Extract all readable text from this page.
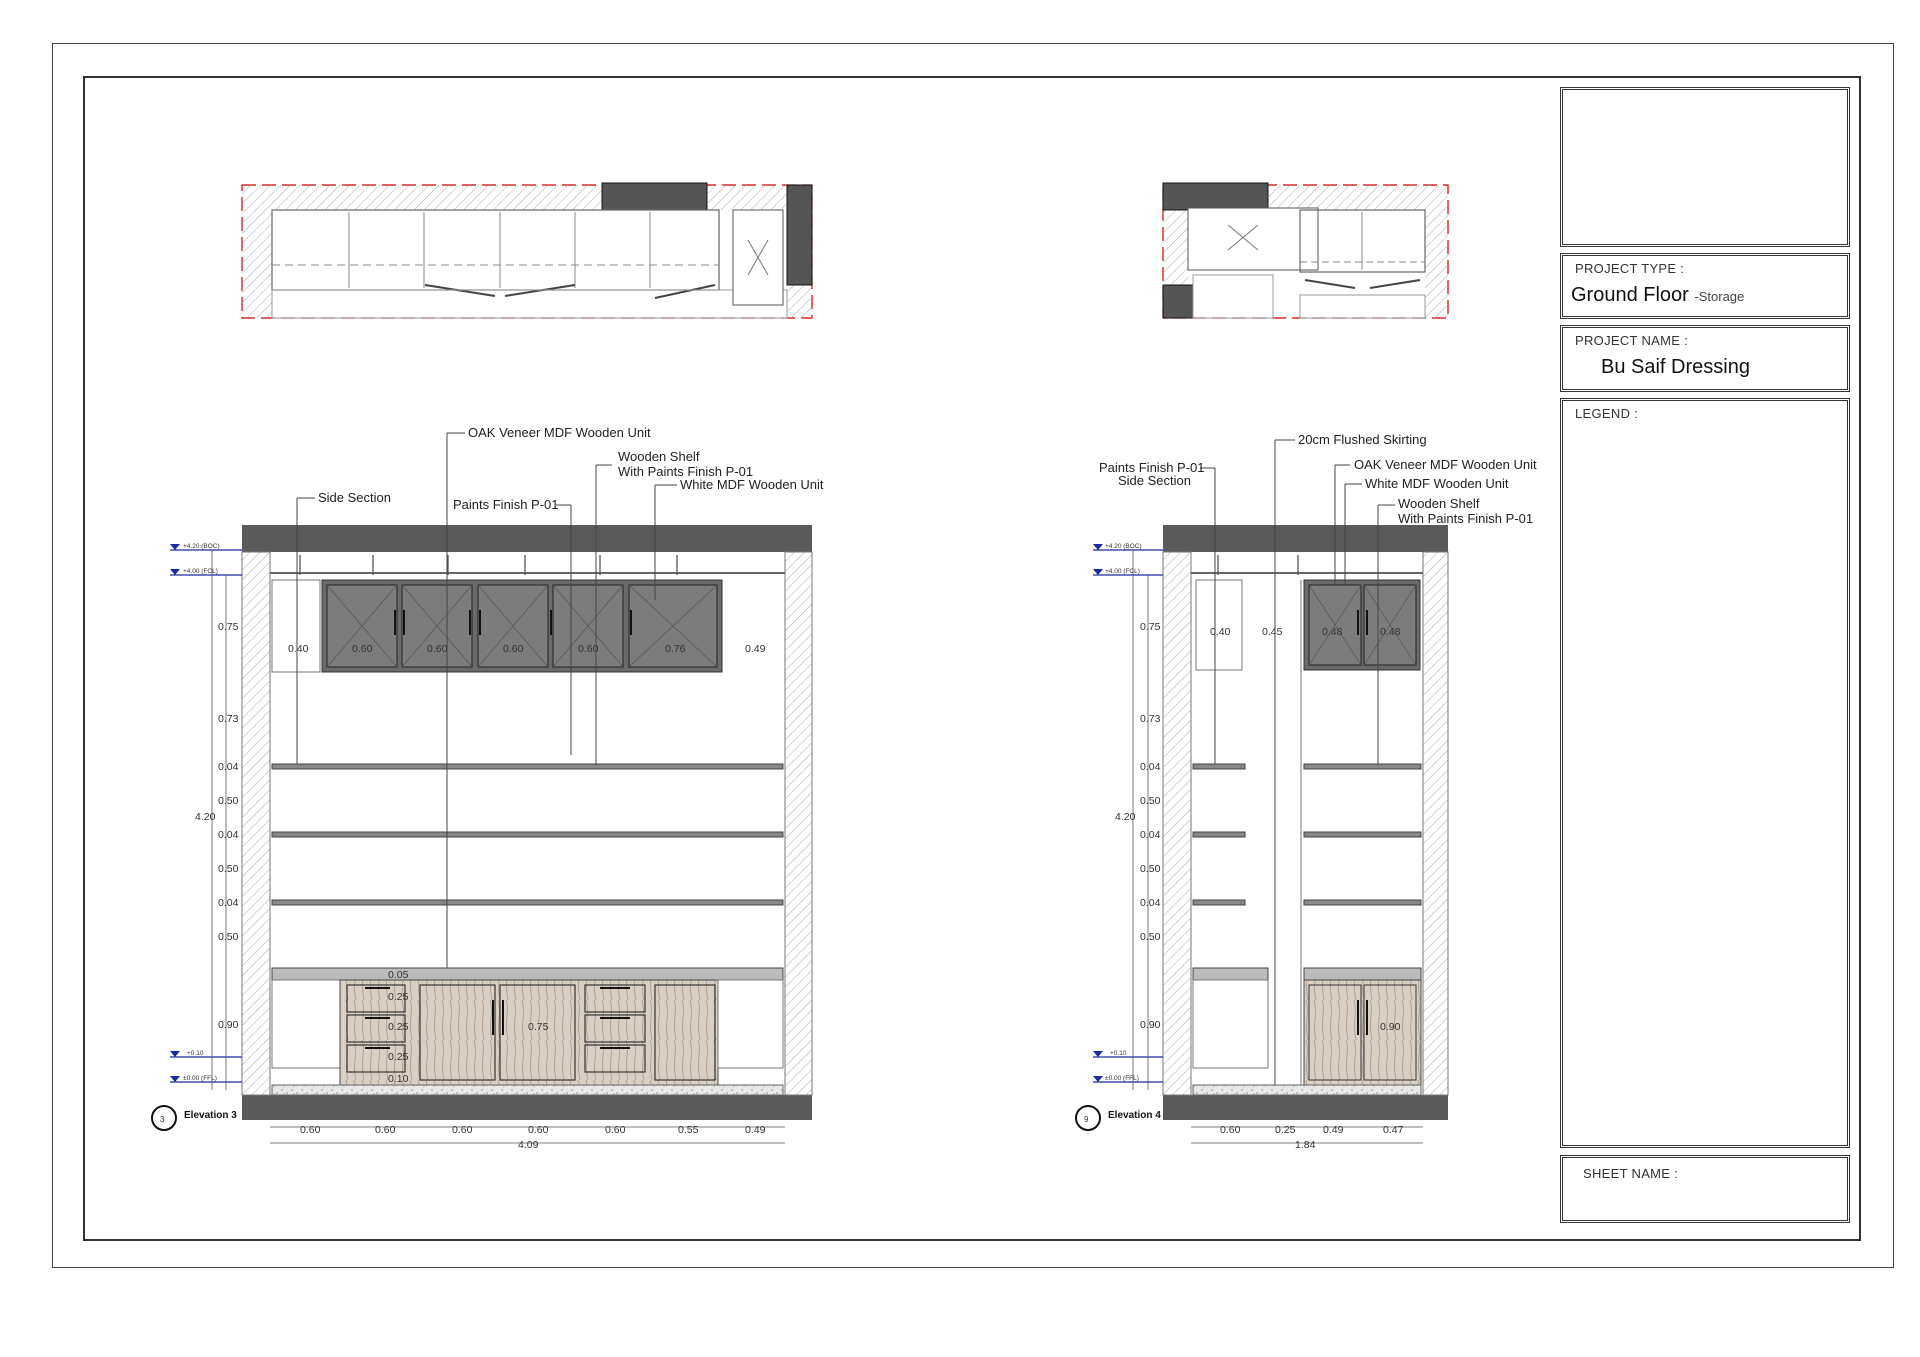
Side Section
OAK Veneer MDF Wooden Unit
Paints Finish P-01
Wooden Shelf
With Paints Finish P-01
White MDF Wooden Unit
+4.20 (BOC)
+4.00 (FCL)
+0.10
±0.00 (FFL)
0.75
0.73
0.04
0.50
0.04
0.50
0.04
0.50
0.90
4.20
0.40	0.60	0.60	0.60	0.60	0.76	0.49
0.05
0.25
0.25
0.25
0.10
0.75
0.60	0.60	0.60	0.60	0.60	0.55	0.49
4.09
3 Elevation 3
Paints Finish P-01
Side Section
20cm Flushed Skirting
OAK Veneer MDF Wooden Unit
White MDF Wooden Unit
Wooden Shelf
With Paints Finish P-01
+4.20 (BOC)
+4.00 (FCL)
+0.10
±0.00 (FFL)
0.75
0.73
0.04
0.50
0.04
0.50
0.04
0.50
0.90
4.20
0.40	0.45	0.48	0.48
0.90
0.60	0.25	0.49	0.47
1.84
9 Elevation 4
PROJECT TYPE :
Ground Floor -Storage
PROJECT NAME :
Bu Saif Dressing
LEGEND :
SHEET NAME :
